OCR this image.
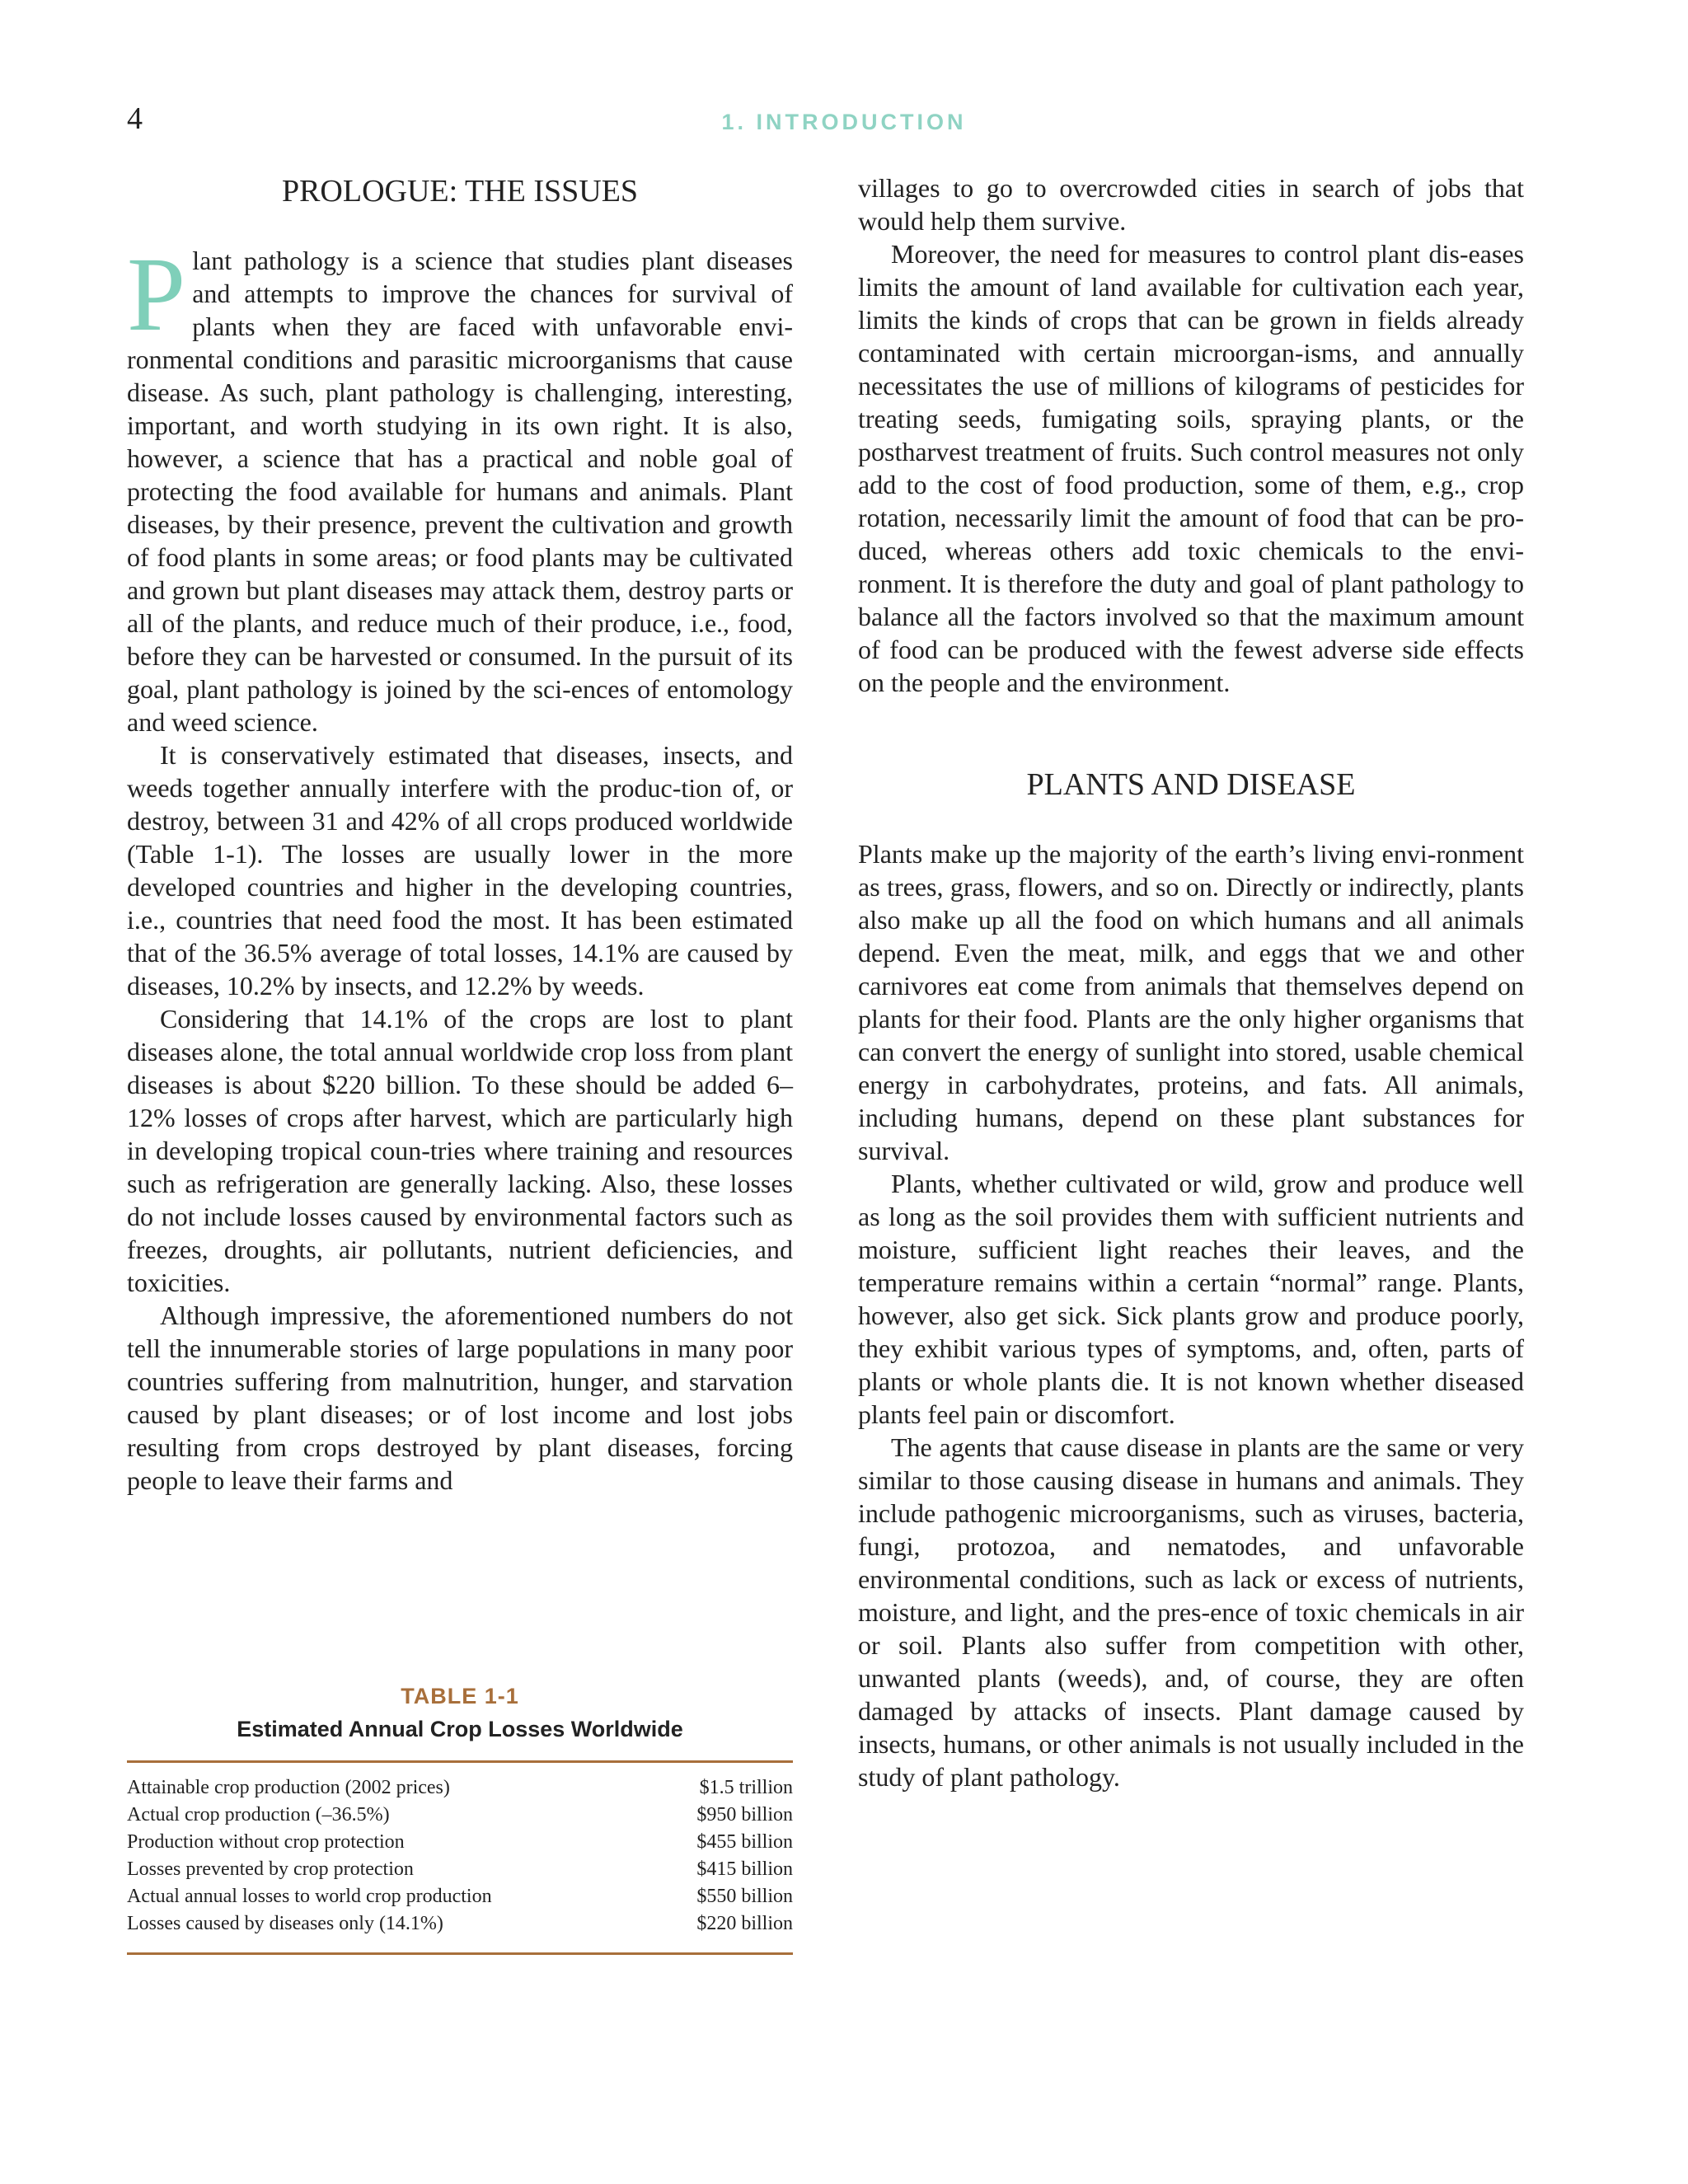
4	1. INTRODUCTION
PROLOGUE: THE ISSUES

Plant pathology is a science that studies plant diseases and attempts to improve the chances for survival of plants when they are faced with unfavorable envi-ronmental conditions and parasitic microorganisms that cause disease. As such, plant pathology is challenging, interesting, important, and worth studying in its own right. It is also, however, a science that has a practical and noble goal of protecting the food available for humans and animals. Plant diseases, by their presence, prevent the cultivation and growth of food plants in some areas; or food plants may be cultivated and grown but plant diseases may attack them, destroy parts or all of the plants, and reduce much of their produce, i.e., food, before they can be harvested or consumed. In the pursuit of its goal, plant pathology is joined by the sci-ences of entomology and weed science.

It is conservatively estimated that diseases, insects, and weeds together annually interfere with the produc-tion of, or destroy, between 31 and 42% of all crops produced worldwide (Table 1-1). The losses are usually lower in the more developed countries and higher in the developing countries, i.e., countries that need food the most. It has been estimated that of the 36.5% average of total losses, 14.1% are caused by diseases, 10.2% by insects, and 12.2% by weeds.

Considering that 14.1% of the crops are lost to plant diseases alone, the total annual worldwide crop loss from plant diseases is about $220 billion. To these should be added 6–12% losses of crops after harvest, which are particularly high in developing tropical coun-tries where training and resources such as refrigeration are generally lacking. Also, these losses do not include losses caused by environmental factors such as freezes, droughts, air pollutants, nutrient deficiencies, and toxicities.

Although impressive, the aforementioned numbers do not tell the innumerable stories of large populations in many poor countries suffering from malnutrition, hunger, and starvation caused by plant diseases; or of lost income and lost jobs resulting from crops destroyed by plant diseases, forcing people to leave their farms and

TABLE 1-1
Estimated Annual Crop Losses Worldwide
Attainable crop production (2002 prices)	$1.5 trillion
Actual crop production (–36.5%)	$950 billion
Production without crop protection	$455 billion
Losses prevented by crop protection	$415 billion
Actual annual losses to world crop production	$550 billion
Losses caused by diseases only (14.1%)	$220 billion

villages to go to overcrowded cities in search of jobs that would help them survive.

Moreover, the need for measures to control plant dis-eases limits the amount of land available for cultivation each year, limits the kinds of crops that can be grown in fields already contaminated with certain microorgan-isms, and annually necessitates the use of millions of kilograms of pesticides for treating seeds, fumigating soils, spraying plants, or the postharvest treatment of fruits. Such control measures not only add to the cost of food production, some of them, e.g., crop rotation, necessarily limit the amount of food that can be pro-duced, whereas others add toxic chemicals to the envi-ronment. It is therefore the duty and goal of plant pathology to balance all the factors involved so that the maximum amount of food can be produced with the fewest adverse side effects on the people and the environment.

PLANTS AND DISEASE

Plants make up the majority of the earth’s living envi-ronment as trees, grass, flowers, and so on. Directly or indirectly, plants also make up all the food on which humans and all animals depend. Even the meat, milk, and eggs that we and other carnivores eat come from animals that themselves depend on plants for their food. Plants are the only higher organisms that can convert the energy of sunlight into stored, usable chemical energy in carbohydrates, proteins, and fats. All animals, including humans, depend on these plant substances for survival.

Plants, whether cultivated or wild, grow and produce well as long as the soil provides them with sufficient nutrients and moisture, sufficient light reaches their leaves, and the temperature remains within a certain “normal” range. Plants, however, also get sick. Sick plants grow and produce poorly, they exhibit various types of symptoms, and, often, parts of plants or whole plants die. It is not known whether diseased plants feel pain or discomfort.

The agents that cause disease in plants are the same or very similar to those causing disease in humans and animals. They include pathogenic microorganisms, such as viruses, bacteria, fungi, protozoa, and nematodes, and unfavorable environmental conditions, such as lack or excess of nutrients, moisture, and light, and the pres-ence of toxic chemicals in air or soil. Plants also suffer from competition with other, unwanted plants (weeds), and, of course, they are often damaged by attacks of insects. Plant damage caused by insects, humans, or other animals is not usually included in the study of plant pathology.
